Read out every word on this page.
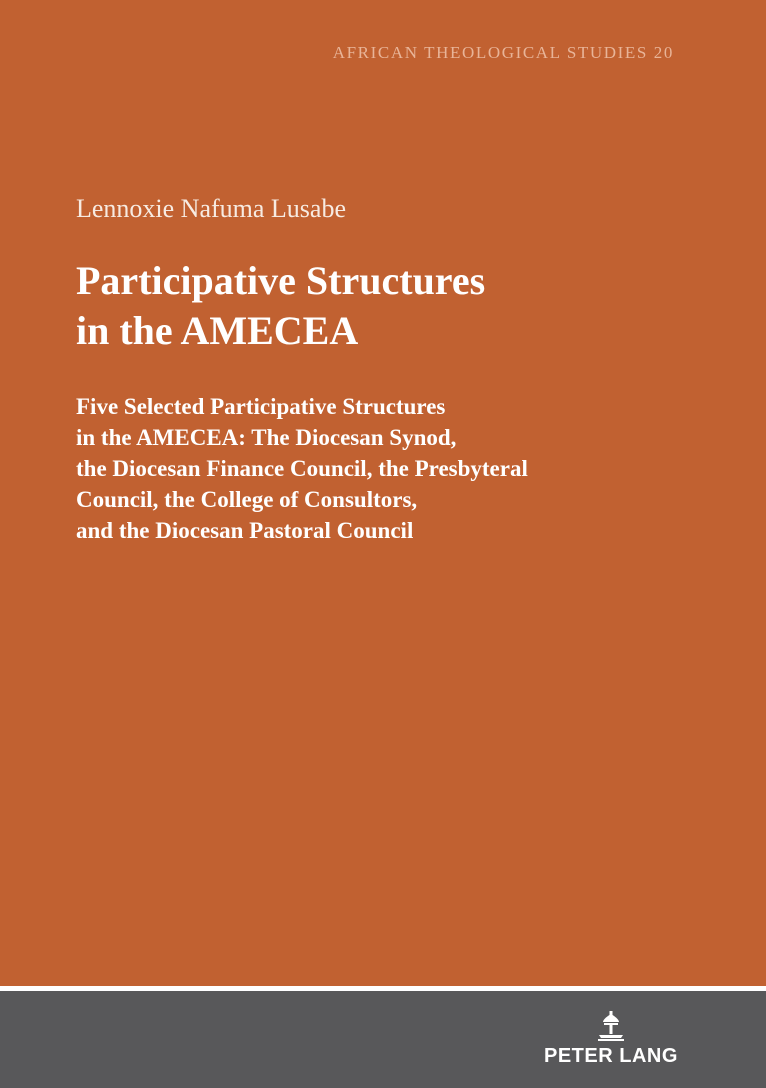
AFRICAN THEOLOGICAL STUDIES 20
Lennoxie Nafuma Lusabe
Participative Structures
in the AMECEA
Five Selected Participative Structures
in the AMECEA: The Diocesan Synod,
the Diocesan Finance Council, the Presbyteral
Council, the College of Consultors,
and the Diocesan Pastoral Council
PETER LANG
